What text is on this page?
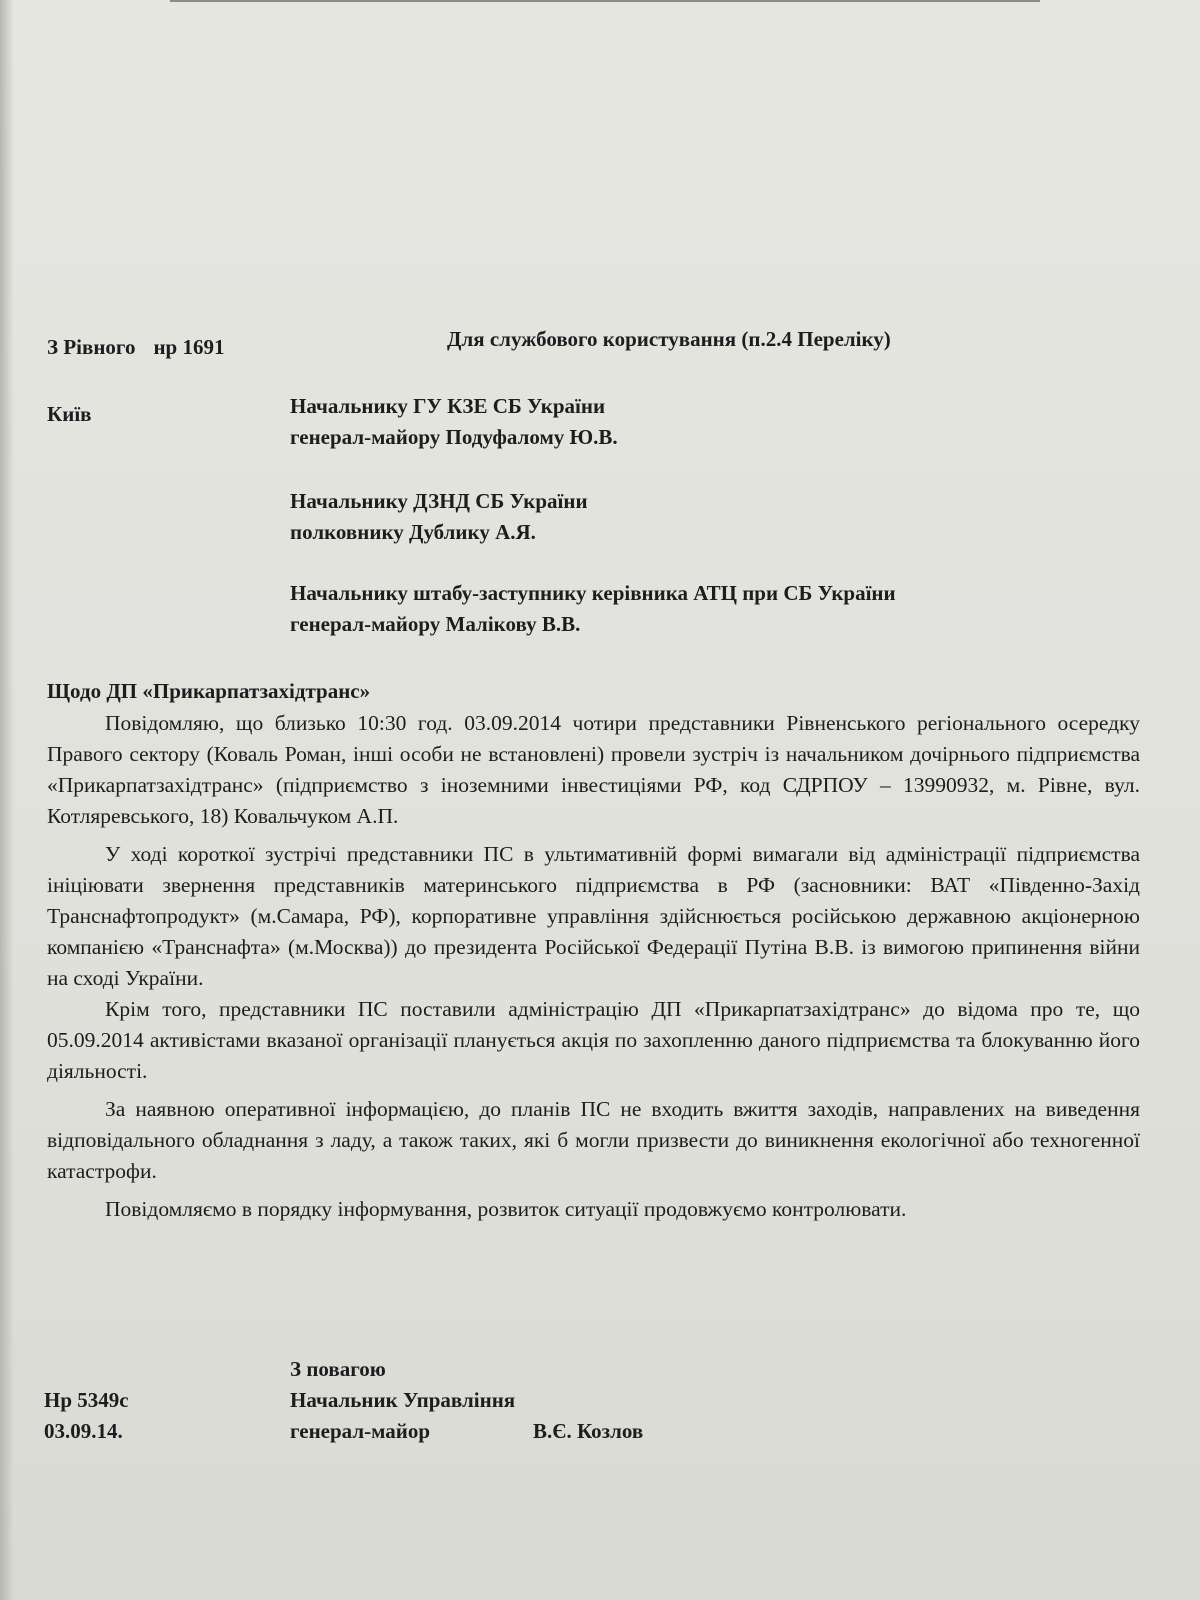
З Рівного нр 1691	Для службового користування (п.2.4 Переліку)
Київ	Начальнику ГУ КЗЕ СБ України
генерал-майору Подуфалому Ю.В.
Начальнику ДЗНД СБ України
полковнику Дублику А.Я.
Начальнику штабу-заступнику керівника АТЦ при СБ України
генерал-майору Малікову В.В.
Щодо ДП «Прикарпатзахідтранс»

Повідомляю, що близько 10:30 год. 03.09.2014 чотири представники Рівненського регіонального осередку Правого сектору (Коваль Роман, інші особи не встановлені) провели зустріч із начальником дочірнього підприємства «Прикарпатзахідтранс» (підприємство з іноземними інвестиціями РФ, код СДРПОУ – 13990932, м. Рівне, вул. Котляревського, 18) Ковальчуком А.П.

У ході короткої зустрічі представники ПС в ультимативній формі вимагали від адміністрації підприємства ініціювати звернення представників материнського підприємства в РФ (засновники: ВАТ «Південно-Захід Транснафтопродукт» (м.Самара, РФ), корпоративне управління здійснюється російською державною акціонерною компанією «Транснафта» (м.Москва)) до президента Російської Федерації Путіна В.В. із вимогою припинення війни на сході України.

Крім того, представники ПС поставили адміністрацію ДП «Прикарпатзахідтранс» до відома про те, що 05.09.2014 активістами вказаної організації планується акція по захопленню даного підприємства та блокуванню його діяльності.

За наявною оперативної інформацією, до планів ПС не входить вжиття заходів, направлених на виведення відповідального обладнання з ладу, а також таких, які б могли призвести до виникнення екологічної або техногенної катастрофи.

Повідомляємо в порядку інформування, розвиток ситуації продовжуємо контролювати.

З повагою
Начальник Управління
генерал-майор	В.Є. Козлов
Нр 5349с
03.09.14.
